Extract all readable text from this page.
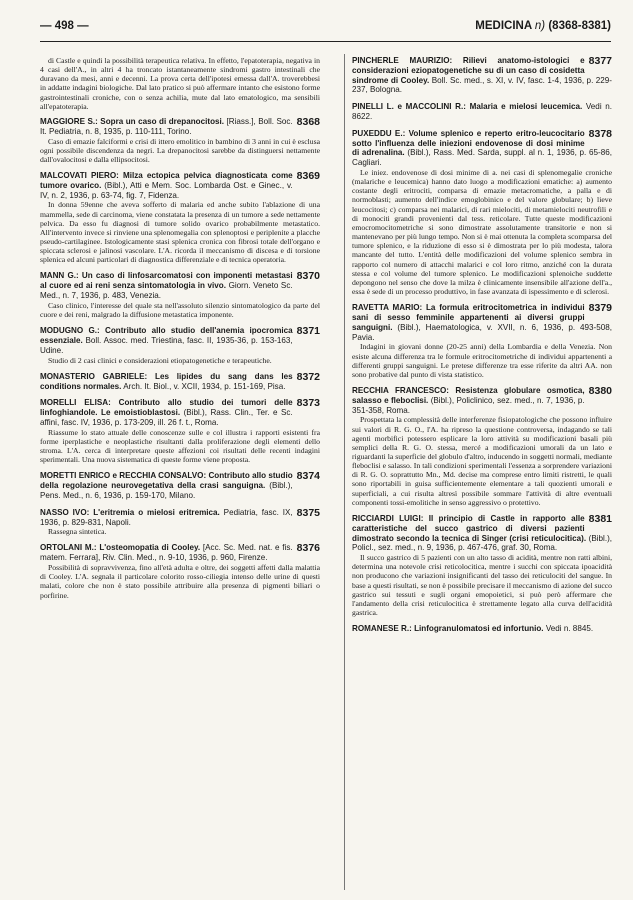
— 498 —	MEDICINA n) (8368-8381)

di Castle e quindi la possibilità terapeutica relativa. In effetto, l'epatoterapia, negativa in 4 casi dell'A., in altri 4 ha troncato istantaneamente sindromi gastro intestinali che duravano da mesi, anni e decenni. La prova certa dell'ipotesi emessa dall'A. troverebbesi in addatte indagini biologiche. Dal lato pratico si può affermare intanto che esistono forme gastrointestinali croniche, con o senza achilia, mute dal lato ematologico, ma sensibili all'epatoterapia.

8368
MAGGIORE S.: Sopra un caso di drepanocitosi. [Riass.], Boll. Soc. It. Pediatria, n. 8, 1935, p. 110-111, Torino.

Caso di emazie falciformi e crisi di ittero emolitico in bambino di 3 anni in cui è esclusa ogni possibile discendenza da negri. La drepanocitosi sarebbe da distinguersi nettamente dall'ovalocitosi e dalla ellipsocitosi.

8369
MALCOVATI PIERO: Milza ectopica pelvica diagnosticata come tumore ovarico. (Bibl.), Atti e Mem. Soc. Lombarda Ost. e Ginec., v. IV, n. 2, 1936, p. 63-74, fig. 7, Fidenza.

In donna 59enne che aveva sofferto di malaria ed anche subito l'ablazione di una mammella, sede di carcinoma, viene constatata la presenza di un tumore a sede nettamente pelvica. Da esso fu diagnosi di tumore solido ovarico probabilmente metastatico. All'intervento invece si rinviene una splenomegalia con splenoptosi e periplenite a placche pseudo-cartilaginee. Istologicamente stasi splenica cronica con fibrosi totale dell'organo e spiccata sclerosi e jalinosi vascolare. L'A. ricorda il meccanismo di discesa e di torsione splenica ed alcuni particolari di diagnostica differenziale e di tecnica operatoria.

8370
MANN G.: Un caso di linfosarcomatosi con imponenti metastasi al cuore ed ai reni senza sintomatologia in vivo. Giorn. Veneto Sc. Med., n. 7, 1936, p. 483, Venezia.

Caso clinico, l'interesse del quale sta nell'assoluto silenzio sintomatologico da parte del cuore e dei reni, malgrado la diffusione metastatica imponente.

8371
MODUGNO G.: Contributo allo studio dell'anemia ipocromica essenziale. Boll. Assoc. med. Triestina, fasc. II, 1935-36, p. 153-163, Udine.

Studio di 2 casi clinici e considerazioni etiopatogenetiche e terapeutiche.

8372
MONASTERIO GABRIELE: Les lipides du sang dans les conditions normales. Arch. It. Biol., v. XCII, 1934, p. 151-169, Pisa.

8373
MORELLI ELISA: Contributo allo studio dei tumori delle linfoghiandole. Le emoistioblastosi. (Bibl.), Rass. Clin., Ter. e Sc. affini, fasc. IV, 1936, p. 173-209, ill. 26 f. t., Roma.

Riassume lo stato attuale delle conoscenze sulle e col illustra i rapporti esistenti fra forme iperplastiche e neoplastiche risultanti dalla proliferazione degli elementi dello stroma. L'A. cerca di interpretare queste affezioni coi risultati delle recenti indagini sperimentali. Una nuova sistematica di queste forme viene proposta.

8374
MORETTI ENRICO e RECCHIA CONSALVO: Contributo allo studio della regolazione neurovegetativa della crasi sanguigna. (Bibl.), Pens. Med., n. 6, 1936, p. 159-170, Milano.

8375
NASSO IVO: L'eritremia o mielosi eritremica. Pediatria, fasc. IX, 1936, p. 829-831, Napoli.

Rassegna sintetica.

8376
ORTOLANI M.: L'osteomopatia di Cooley. [Acc. Sc. Med. nat. e fis. matem. Ferrara], Riv. Clin. Med., n. 9-10, 1936, p. 960, Firenze.

Possibilità di sopravvivenza, fino all'età adulta e oltre, dei soggetti affetti dalla malattia di Cooley. L'A. segnala il particolare colorito rosso-ciliegia intenso delle urine di questi malati, colore che non è stato possibile attribuire alla presenza di pigmenti biliari o porfirine.

8377
PINCHERLE MAURIZIO: Rilievi anatomo-istologici e considerazioni eziopatogenetiche su di un caso di cosidetta sindrome di Cooley. Boll. Sc. med., s. XI, v. IV, fasc. 1-4, 1936, p. 229-237, Bologna.

PINELLI L. e MACCOLINI R.: Malaria e mielosi leucemica. Vedi n. 8622.

8378
PUXEDDU E.: Volume splenico e reperto eritro-leucocitario sotto l'influenza delle iniezioni endovenose di dosi minime di adrenalina. (Bibl.), Rass. Med. Sarda, suppl. al n. 1, 1936, p. 65-86, Cagliari.

Le iniez. endovenose di dosi minime di a. nei casi di splenomegalie croniche (malariche e leucemica) hanno dato luogo a modificazioni ematiche: a) aumento costante degli eritrociti, comparsa di emazie metacromatiche, a palla e di normoblasti; aumento dell'indice emoglobinico e del valore globulare; b) lieve leucocitosi; c) comparsa nei malarici, di rari mielociti, di metamielociti neutrofili e di monociti grandi provenienti dal tess. reticolare. Tutte queste modificazioni emocromocitometriche si sono dimostrate assolutamente transitorie e non si mantenevano per più lungo tempo. Non si è mai ottenuta la completa scomparsa del tumore splenico, e la riduzione di esso si è dimostrata per lo più modesta, talora mancante del tutto. L'entità delle modificazioni del volume splenico sembra in rapporto col numero di attacchi malarici e col loro ritmo, anziché con la durata stessa e col volume del tumore splenico. Le modificazioni splenoiche suddette depongono nel senso che dove la milza è clinicamente insensibile all'azione dell'a., essa è sede di un processo produttivo, in fase avanzata di ispessimento e di sclerosi.

8379
RAVETTA MARIO: La formula eritrocitometrica in individui sani di sesso femminile appartenenti ai diversi gruppi sanguigni. (Bibl.), Haematologica, v. XVII, n. 6, 1936, p. 493-508, Pavia.

Indagini in giovani donne (20-25 anni) della Lombardia e della Venezia. Non esiste alcuna differenza tra le formule eritrocitometriche di individui appartenenti a differenti gruppi sanguigni. Le pretese differenze tra esse riferite da altri AA. non sono probative dal punto di vista statistico.

8380
RECCHIA FRANCESCO: Resistenza globulare osmotica, salasso e fleboclisi. (Bibl.), Policlinico, sez. med., n. 7, 1936, p. 351-358, Roma.

Prospettata la complessità delle interferenze fisiopatologiche che possono influire sui valori di R. G. O., l'A. ha ripreso la questione controversa, indagando se tali agenti morbifici potessero esplicare la loro attività su modificazioni basali più semplici della R. G. O. stessa, mercé a modificazioni umorali da un lato e riguardanti la superficie del globulo d'altro, inducendo in soggetti normali, mediante fleboclisi e salasso. In tali condizioni sperimentali l'essenza a sorprendere variazioni di R. G. O. soprattutto Mn., Md. decise ma comprese entro limiti ristretti, le quali sono riportabili in guisa sufficientemente elementare a tali quozienti umorali e superficiali, a cui risulta altresì possibile sommare l'attività di altre eventuali componenti tossi-emolitiche in senso aggressivo o protettivo.

8381
RICCIARDI LUIGI: Il principio di Castle in rapporto alle caratteristiche del succo gastrico di diversi pazienti dimostrato secondo la tecnica di Singer (crisi reticulocitica). (Bibl.), Policl., sez. med., n. 9, 1936, p. 467-476, graf. 30, Roma.

Il succo gastrico di 5 pazienti con un alto tasso di acidità, mentre non ratti albini, determina una notevole crisi reticolocitica, mentre i succhi con spiccata ipoacidità non producono che variazioni insignificanti del tasso dei reticulociti del sangue. In base a questi risultati, se non è possibile precisare il meccanismo di azione del succo gastrico sui tessuti e sugli organi emopoietici, si può però affermare che l'andamento della crisi reticulocitica è strettamente legato alla curva dell'acidità gastrica.

ROMANESE R.: Linfogranulomatosi ed infortunio. Vedi n. 8845.
